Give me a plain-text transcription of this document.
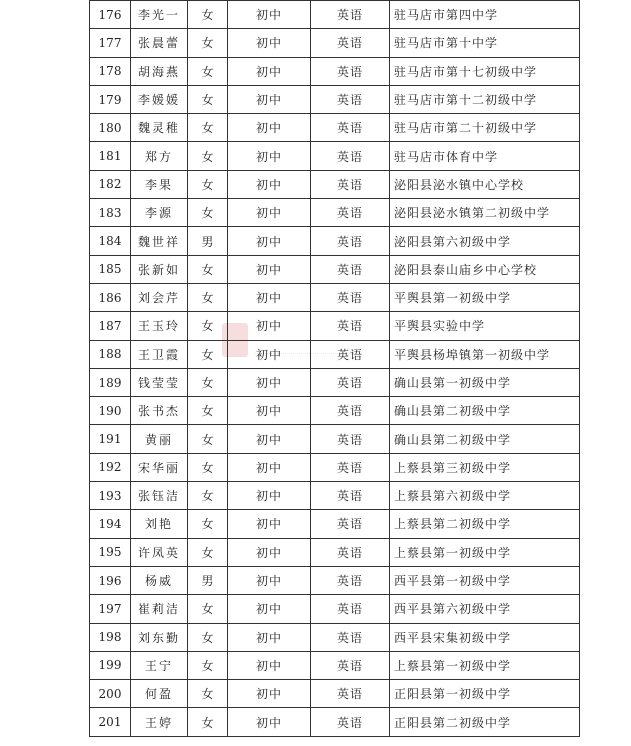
176	李光一	女	初中	英语	驻马店市第四中学
177	张晨蕾	女	初中	英语	驻马店市第十中学
178	胡海燕	女	初中	英语	驻马店市第十七初级中学
179	李媛媛	女	初中	英语	驻马店市第十二初级中学
180	魏灵稚	女	初中	英语	驻马店市第二十初级中学
181	郑方	女	初中	英语	驻马店市体育中学
182	李果	女	初中	英语	泌阳县泌水镇中心学校
183	李源	女	初中	英语	泌阳县泌水镇第二初级中学
184	魏世祥	男	初中	英语	泌阳县第六初级中学
185	张新如	女	初中	英语	泌阳县泰山庙乡中心学校
186	刘会芹	女	初中	英语	平舆县第一初级中学
187	王玉玲	女	初中	英语	平舆县实验中学
188	王卫霞	女	初中	英语	平舆县杨埠镇第一初级中学
189	钱莹莹	女	初中	英语	确山县第一初级中学
190	张书杰	女	初中	英语	确山县第二初级中学
191	黄丽	女	初中	英语	确山县第二初级中学
192	宋华丽	女	初中	英语	上蔡县第三初级中学
193	张钰洁	女	初中	英语	上蔡县第六初级中学
194	刘艳	女	初中	英语	上蔡县第二初级中学
195	许凤英	女	初中	英语	上蔡县第一初级中学
196	杨威	男	初中	英语	西平县第一初级中学
197	崔莉洁	女	初中	英语	西平县第六初级中学
198	刘东勤	女	初中	英语	西平县宋集初级中学
199	王宁	女	初中	英语	上蔡县第一初级中学
200	何盈	女	初中	英语	正阳县第一初级中学
201	王婷	女	初中	英语	正阳县第二初级中学
